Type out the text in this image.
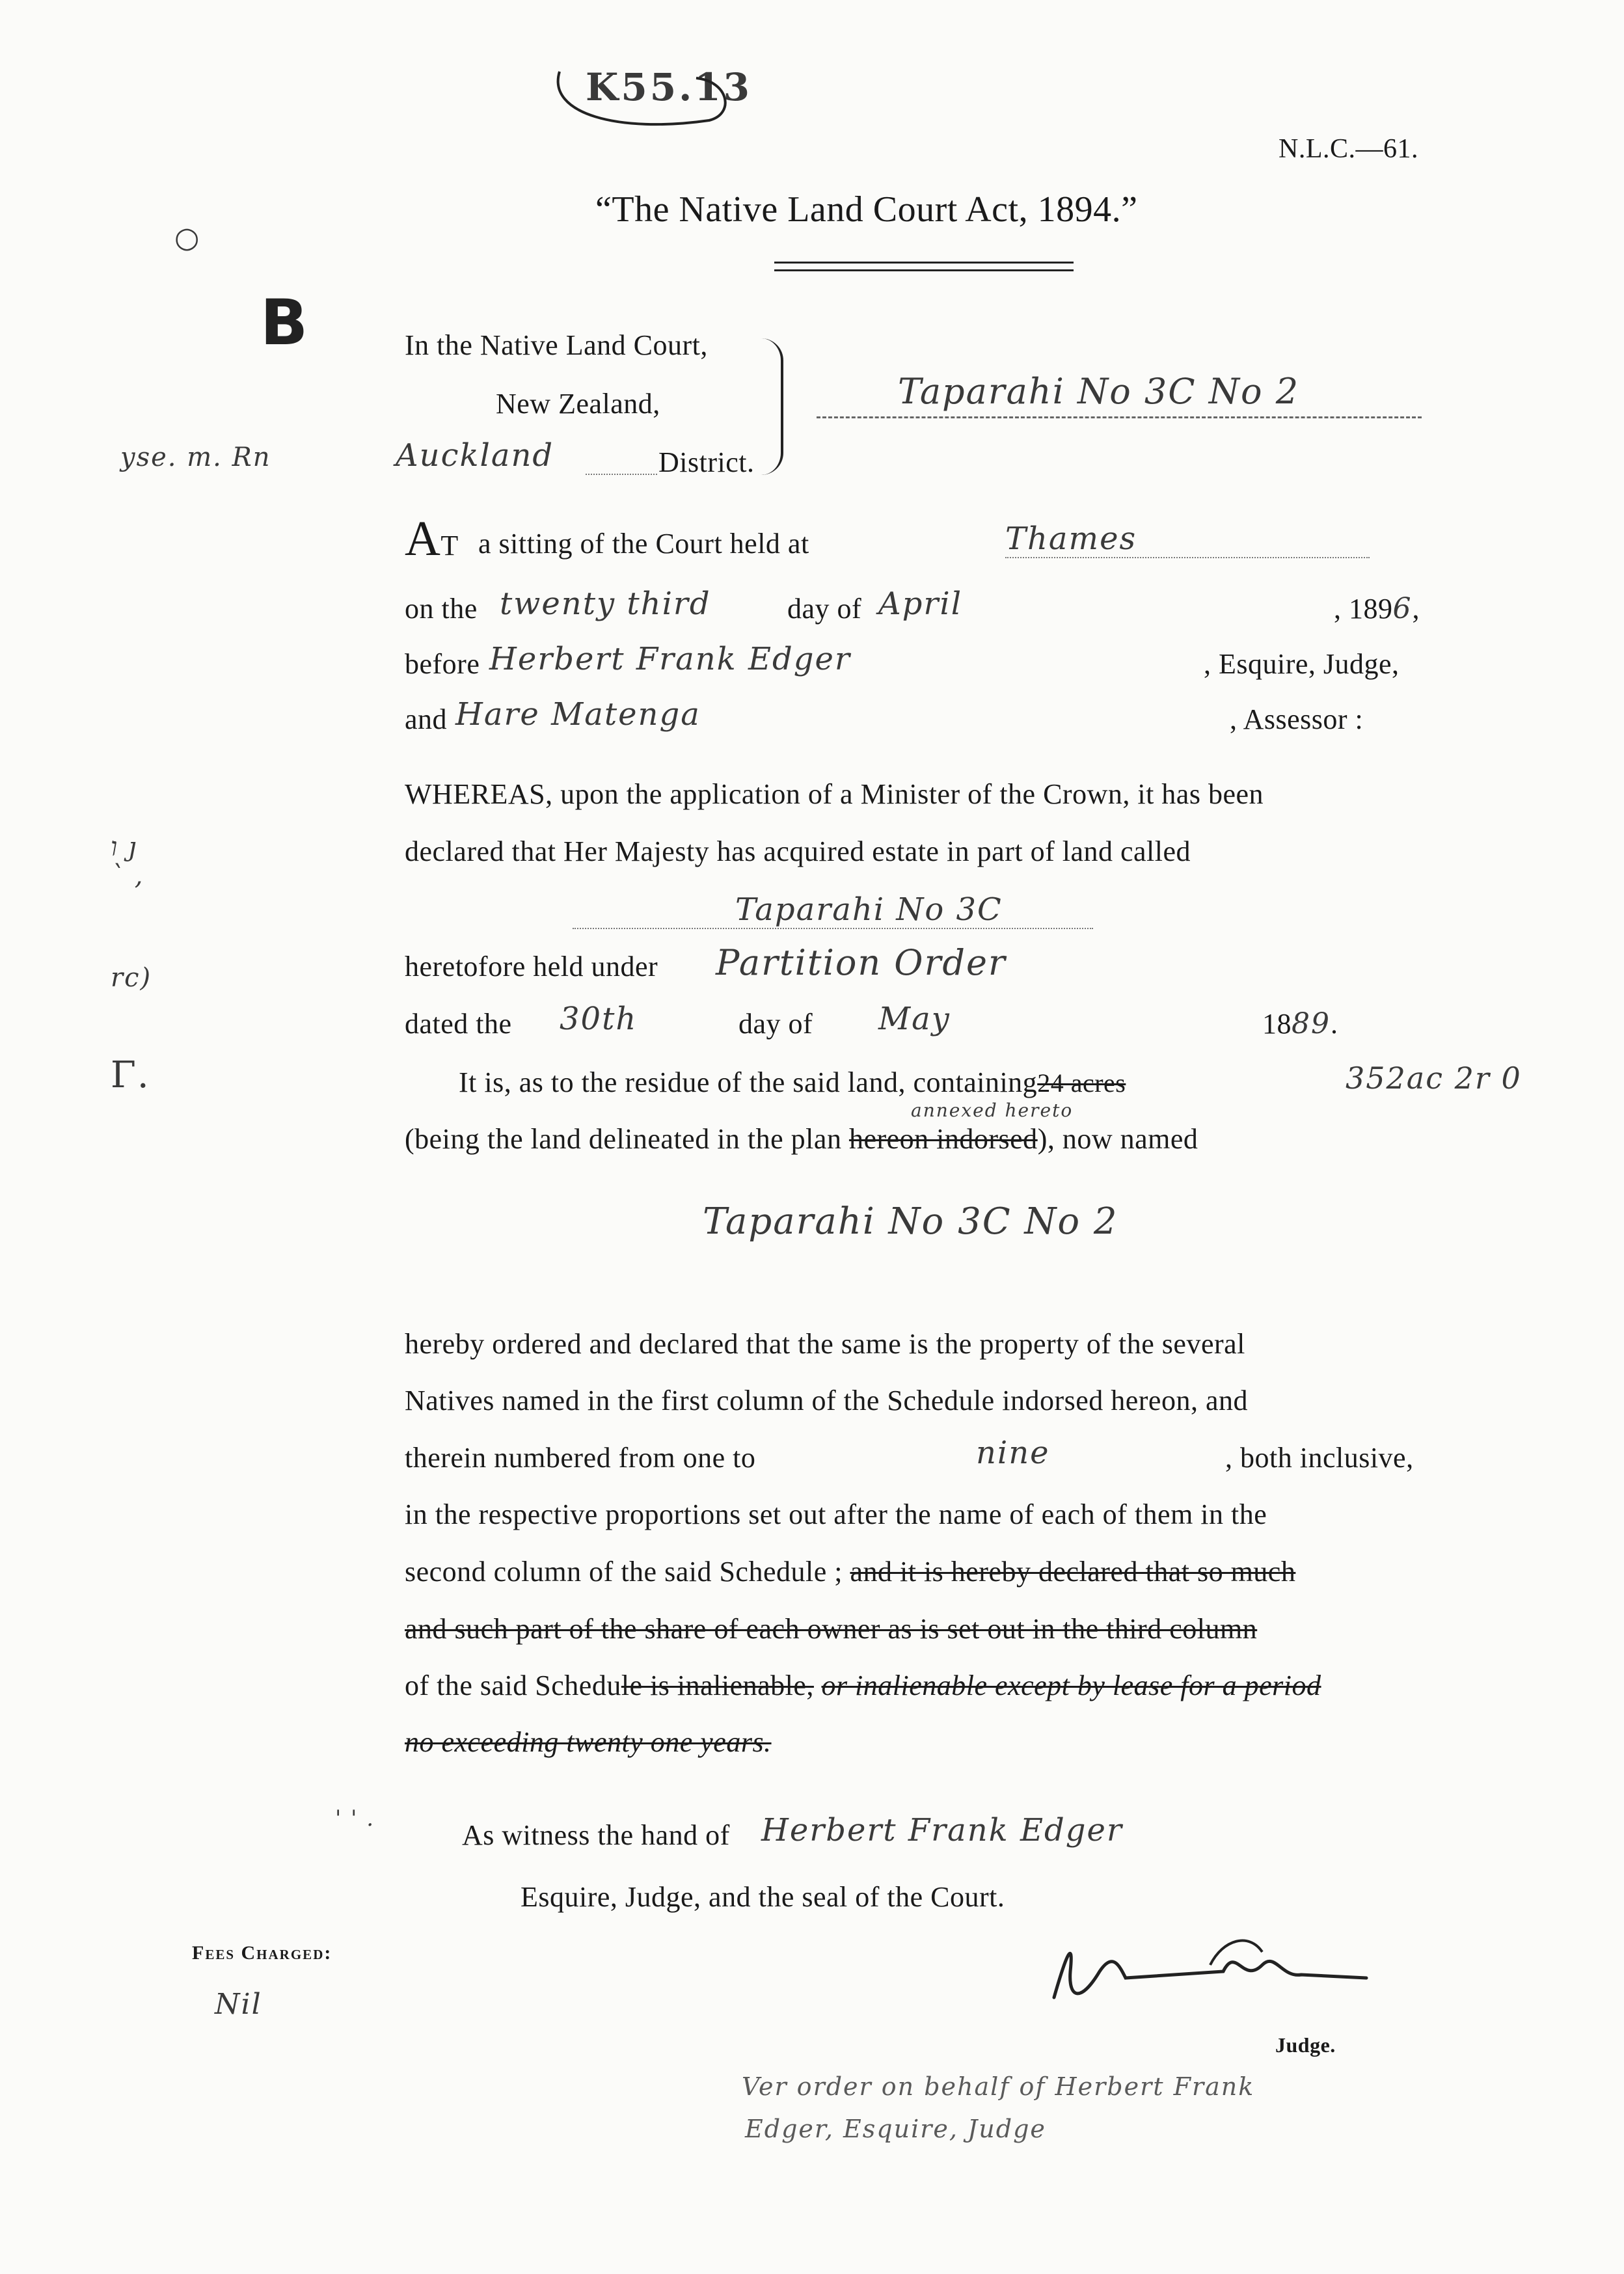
K55.13
N.L.C.—61.
“The Native Land Court Act, 1894.”
○
B
yse. m. Rn
ו ȷ
` ,
rc)
Γ.
In the Native Land Court,
New Zealand,
Auckland	District.
Taparahi No 3C No 2
AT a sitting of the Court held at	Thames
on the twenty third	day of April	, 1896,
before Herbert Frank Edger	, Esquire, Judge,
and Hare Matenga	, Assessor :
WHEREAS, upon the application of a Minister of the Crown, it has been
declared that Her Majesty has acquired estate in part of land called
Taparahi No 3C
heretofore held under Partition Order
dated the 30th	day of May	1889.
It is, as to the residue of the said land, containing24 acres	352ac 2r 0
annexed hereto
(being the land delineated in the plan hereon indorsed), now named
Taparahi No 3C No 2
hereby ordered and declared that the same is the property of the several
Natives named in the first column of the Schedule indorsed hereon, and
therein numbered from one to	nine	, both inclusive,
in the respective proportions set out after the name of each of them in the
second column of the said Schedule ; and it is hereby declared that so much
and such part of the share of each owner as is set out in the third column
of the said Schedule is inalienable, or inalienable except by lease for a period
no exceeding twenty one years.
' ' .
As witness the hand of Herbert Frank Edger
Esquire, Judge, and the seal of the Court.
Fees Charged:
Nil
Judge.
Ver order on behalf of Herbert Frank
Edger, Esquire, Judge
